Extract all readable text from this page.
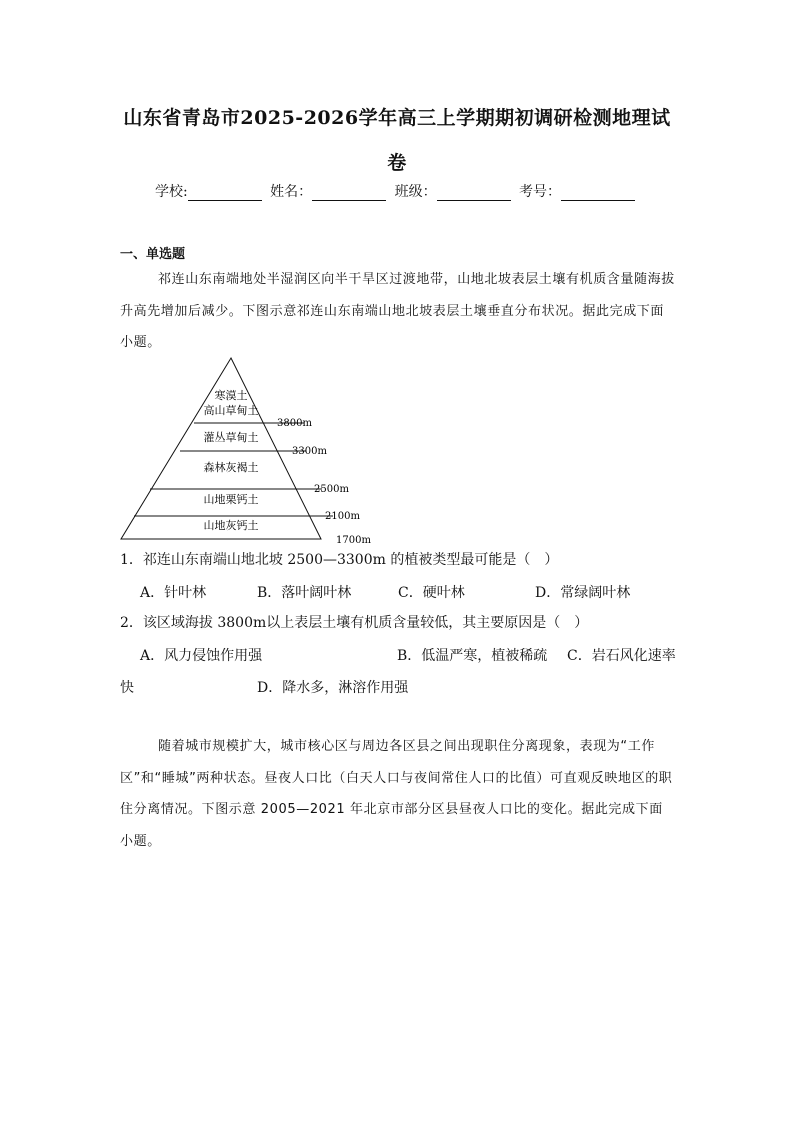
山东省青岛市2025-2026学年高三上学期期初调研检测地理试
卷
学校:	姓名：	班级：	考号：
一、单选题
祁连山东南端地处半湿润区向半干旱区过渡地带，山地北坡表层土壤有机质含量随海拔升高先增加后减少。下图示意祁连山东南端山地北坡表层土壤垂直分布状况。据此完成下面小题。
寒漠土
高山草甸土
灌丛草甸土
森林灰褐土
山地栗钙土
山地灰钙土
3800m
3300m
2500m
2100m
1700m
1．祁连山东南端山地北坡 2500—3300m 的植被类型最可能是（　）
A．针叶林	B．落叶阔叶林	C．硬叶林	D．常绿阔叶林
2．该区域海拔 3800m以上表层土壤有机质含量较低，其主要原因是（　）
A．风力侵蚀作用强	B．低温严寒，植被稀疏 C．岩石风化速率
快	D．降水多，淋溶作用强
随着城市规模扩大，城市核心区与周边各区县之间出现职住分离现象，表现为“工作区”和“睡城”两种状态。昼夜人口比（白天人口与夜间常住人口的比值）可直观反映地区的职住分离情况。下图示意 2005—2021 年北京市部分区县昼夜人口比的变化。据此完成下面小题。
